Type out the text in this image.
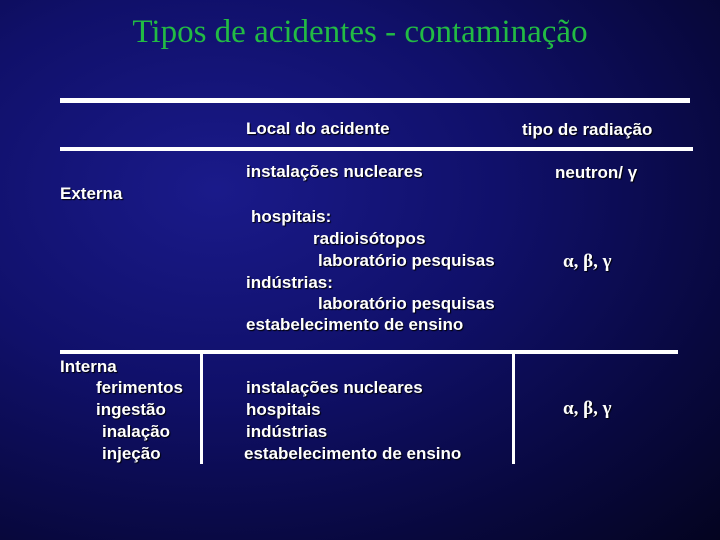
Tipos de acidentes - contaminação
Local do acidente	tipo de radiação
Externa
instalações nucleares	neutron/ γ
hospitais:
radioisótopos
laboratório pesquisas
indústrias:
laboratório pesquisas
estabelecimento de ensino
α, β, γ
Interna
ferimentos
ingestão
inalação
injeção
instalações nucleares
hospitais
indústrias
estabelecimento de ensino
α, β, γ
